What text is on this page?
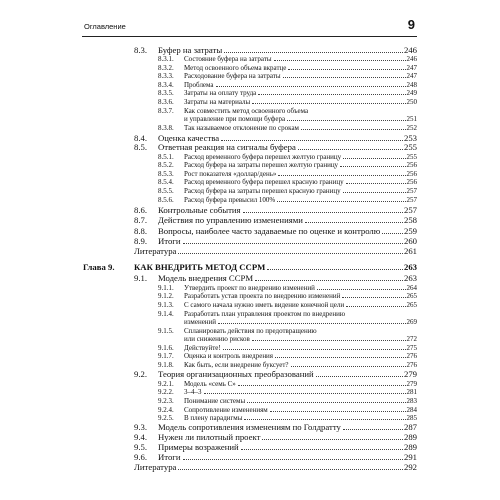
Оглавление	9
8.3. Буфер на затраты	246
8.3.1. Состояние буфера на затраты	246
8.3.2. Метод освоенного объема вкратце	247
8.3.3. Расходование буфера на затраты	247
8.3.4. Проблема	248
8.3.5. Затраты на оплату труда	249
8.3.6. Затраты на материалы	250
8.3.7. Как совместить метод освоенного объема
и управление при помощи буфера	251
8.3.8. Так называемое отклонение по срокам	252
8.4. Оценка качества	253
8.5. Ответная реакция на сигналы буфера	255
8.5.1. Расход временного буфера перешел желтую границу	255
8.5.2. Расход буфера на затраты перешел желтую границу	256
8.5.3. Рост показателя «доллар/день»	256
8.5.4. Расход временного буфера перешел красную границу	256
8.5.5. Расход буфера на затраты перешел красную границу	257
8.5.6. Расход буфера превысил 100%	257
8.6. Контрольные события	257
8.7. Действия по управлению изменениями	258
8.8. Вопросы, наиболее часто задаваемые по оценке и контролю	259
8.9. Итоги	260
Литература	261
Глава 9. КАК ВНЕДРИТЬ МЕТОД CCPM	263
9.1. Модель внедрения CCPM	263
9.1.1. Утвердить проект по внедрению изменений	264
9.1.2. Разработать устав проекта по внедрению изменений	265
9.1.3. С самого начала нужно иметь видение конечной цели	265
9.1.4. Разработать план управления проектом по внедрению
изменений	269
9.1.5. Спланировать действия по предотвращению
или снижению рисков	272
9.1.6. Действуйте!	275
9.1.7. Оценка и контроль внедрения	276
9.1.8. Как быть, если внедрение буксует?	276
9.2. Теория организационных преобразований	279
9.2.1. Модель «семь С»	279
9.2.2. 3–4–3	281
9.2.3. Понимание системы	283
9.2.4. Сопротивление изменениям	284
9.2.5. В плену парадигмы	285
9.3. Модель сопротивления изменениям по Голдратту	287
9.4. Нужен ли пилотный проект	289
9.5. Примеры возражений	289
9.6. Итоги	291
Литература	292
